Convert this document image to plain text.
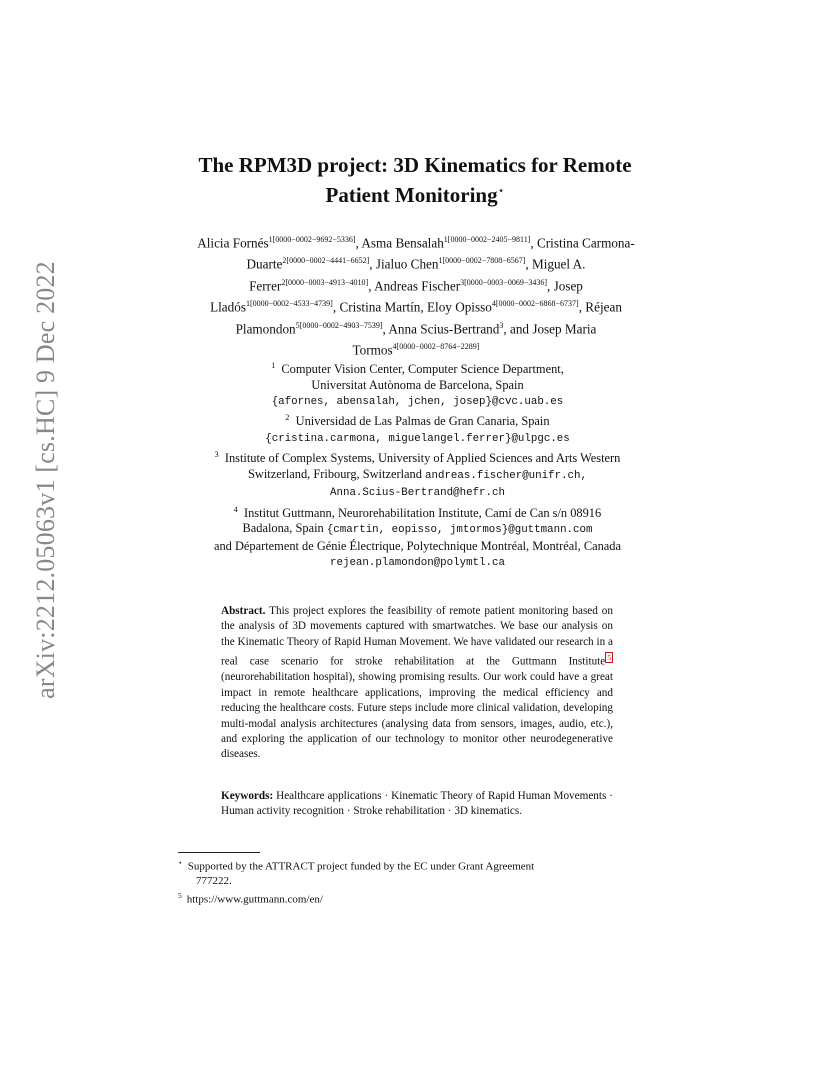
arXiv:2212.05063v1 [cs.HC] 9 Dec 2022
The RPM3D project: 3D Kinematics for Remote
Patient Monitoring⋆
Alicia Fornés$^{1[0000-0002-9692-5336]}$, Asma Bensalah$^{1[0000-0002-2405-9811]}$, Cristina Carmona-Duarte$^{2[0000-0002-4441-6652]}$, Jialuo Chen$^{1[0000-0002-7808-6567]}$, Miguel A. Ferrer$^{2[0000-0003-4913-4010]}$, Andreas Fischer$^{3[0000-0003-0069-3436]}$, Josep Lladós$^{1[0000-0002-4533-4739]}$, Cristina Martín, Eloy Opisso$^{4[0000-0002-6868-6737]}$, Réjean Plamondon$^{5[0000-0002-4903-7539]}$, Anna Scius-Bertrand$^3$, and Josep Maria Tormos$^{4[0000-0002-8764-2289]}$
$^1$ Computer Vision Center, Computer Science Department,
Universitat Autònoma de Barcelona, Spain
{afornes, abensalah, jchen, josep}@cvc.uab.es
$^2$ Universidad de Las Palmas de Gran Canaria, Spain
{cristina.carmona, miguelangel.ferrer}@ulpgc.es
$^3$ Institute of Complex Systems, University of Applied Sciences and Arts Western
Switzerland, Fribourg, Switzerland andreas.fischer@unifr.ch,
Anna.Scius-Bertrand@hefr.ch
$^4$ Institut Guttmann, Neurorehabilitation Institute, Camí de Can s/n 08916
Badalona, Spain {cmartin, eopisso, jmtormos}@guttmann.com
and Département de Génie Électrique, Polytechnique Montréal, Montréal, Canada
rejean.plamondon@polymtl.ca
Abstract. This project explores the feasibility of remote patient monitoring based on the analysis of 3D movements captured with smartwatches. We base our analysis on the Kinematic Theory of Rapid Human Movement. We have validated our research in a real case scenario for stroke rehabilitation at the Guttmann Institute $^5$ (neurorehabilitation hospital), showing promising results. Our work could have a great impact in remote healthcare applications, improving the medical efficiency and reducing the healthcare costs. Future steps include more clinical validation, developing multi-modal analysis architectures (analysing data from sensors, images, audio, etc.), and exploring the application of our technology to monitor other neurodegenerative diseases.
Keywords: Healthcare applications · Kinematic Theory of Rapid Human Movements · Human activity recognition · Stroke rehabilitation · 3D kinematics.
⋆ Supported by the ATTRACT project funded by the EC under Grant Agreement
777222.
$^5$ https://www.guttmann.com/en/
